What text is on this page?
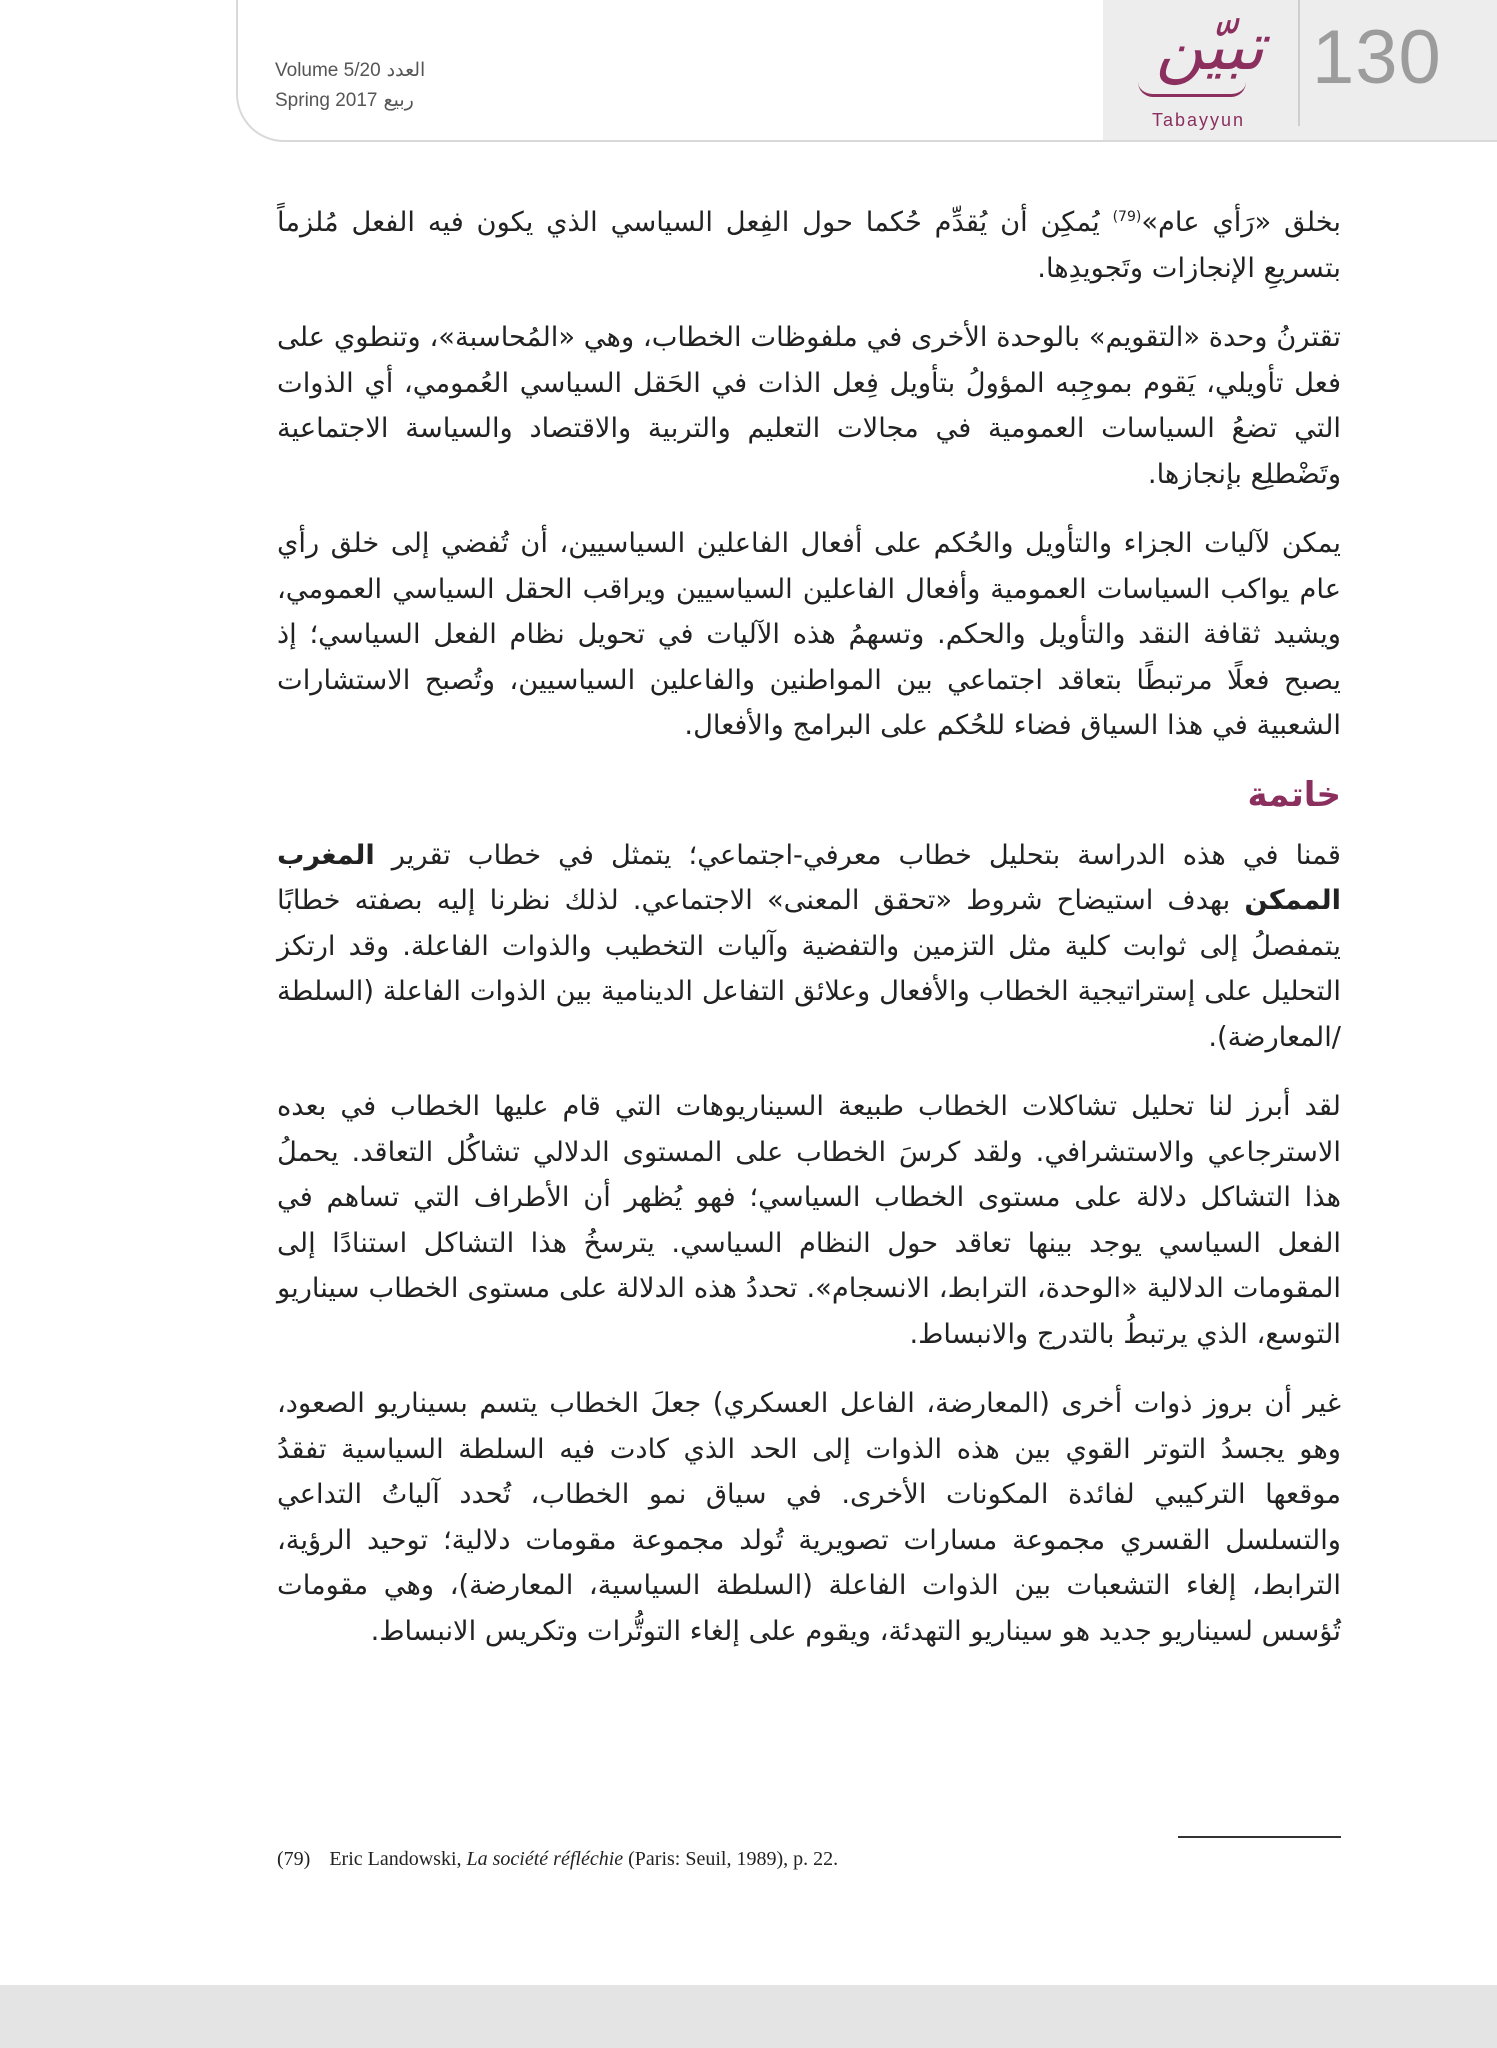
130
تبيّن
Tabayyun
Volume 5/20 العدد
Spring 2017 ربيع

بخلق «رَأي عام»$^{(79)}$ يُمكِن أن يُقدِّم حُكما حول الفِعل السياسي الذي يكون فيه الفعل مُلزماً بتسريعِ الإنجازات وتَجويدِها.

تقترنُ وحدة «التقويم» بالوحدة الأخرى في ملفوظات الخطاب، وهي «المُحاسبة»، وتنطوي على فعل تأويلي، يَقوم بموجِبه المؤولُ بتأويل فِعل الذات في الحَقل السياسي العُمومي، أي الذوات التي تضعُ السياسات العمومية في مجالات التعليم والتربية والاقتصاد والسياسة الاجتماعية وتَضْطلِع بإنجازها.

يمكن لآليات الجزاء والتأويل والحُكم على أفعال الفاعلين السياسيين، أن تُفضي إلى خلق رأي عام يواكب السياسات العمومية وأفعال الفاعلين السياسيين ويراقب الحقل السياسي العمومي، ويشيد ثقافة النقد والتأويل والحكم. وتسهمُ هذه الآليات في تحويل نظام الفعل السياسي؛ إذ يصبح فعلًا مرتبطًا بتعاقد اجتماعي بين المواطنين والفاعلين السياسيين، وتُصبح الاستشارات الشعبية في هذا السياق فضاء للحُكم على البرامج والأفعال.

خاتمة

قمنا في هذه الدراسة بتحليل خطاب معرفي-اجتماعي؛ يتمثل في خطاب تقرير المغرب الممكن بهدف استيضاح شروط «تحقق المعنى» الاجتماعي. لذلك نظرنا إليه بصفته خطابًا يتمفصلُ إلى ثوابت كلية مثل التزمين والتفضية وآليات التخطيب والذوات الفاعلة. وقد ارتكز التحليل على إستراتيجية الخطاب والأفعال وعلائق التفاعل الدينامية بين الذوات الفاعلة (السلطة /المعارضة).

لقد أبرز لنا تحليل تشاكلات الخطاب طبيعة السيناريوهات التي قام عليها الخطاب في بعده الاسترجاعي والاستشرافي. ولقد كرسَ الخطاب على المستوى الدلالي تشاكُل التعاقد. يحملُ هذا التشاكل دلالة على مستوى الخطاب السياسي؛ فهو يُظهر أن الأطراف التي تساهم في الفعل السياسي يوجد بينها تعاقد حول النظام السياسي. يترسخُ هذا التشاكل استنادًا إلى المقومات الدلالية «الوحدة، الترابط، الانسجام». تحددُ هذه الدلالة على مستوى الخطاب سيناريو التوسع، الذي يرتبطُ بالتدرج والانبساط.

غير أن بروز ذوات أخرى (المعارضة، الفاعل العسكري) جعلَ الخطاب يتسم بسيناريو الصعود، وهو يجسدُ التوتر القوي بين هذه الذوات إلى الحد الذي كادت فيه السلطة السياسية تفقدُ موقعها التركيبي لفائدة المكونات الأخرى. في سياق نمو الخطاب، تُحدد آلياتُ التداعي والتسلسل القسري مجموعة مسارات تصويرية تُولد مجموعة مقومات دلالية؛ توحيد الرؤية، الترابط، إلغاء التشعبات بين الذوات الفاعلة (السلطة السياسية، المعارضة)، وهي مقومات تُؤسس لسيناريو جديد هو سيناريو التهدئة، ويقوم على إلغاء التوتُّرات وتكريس الانبساط.

(79) Eric Landowski, La société réfléchie (Paris: Seuil, 1989), p. 22.
